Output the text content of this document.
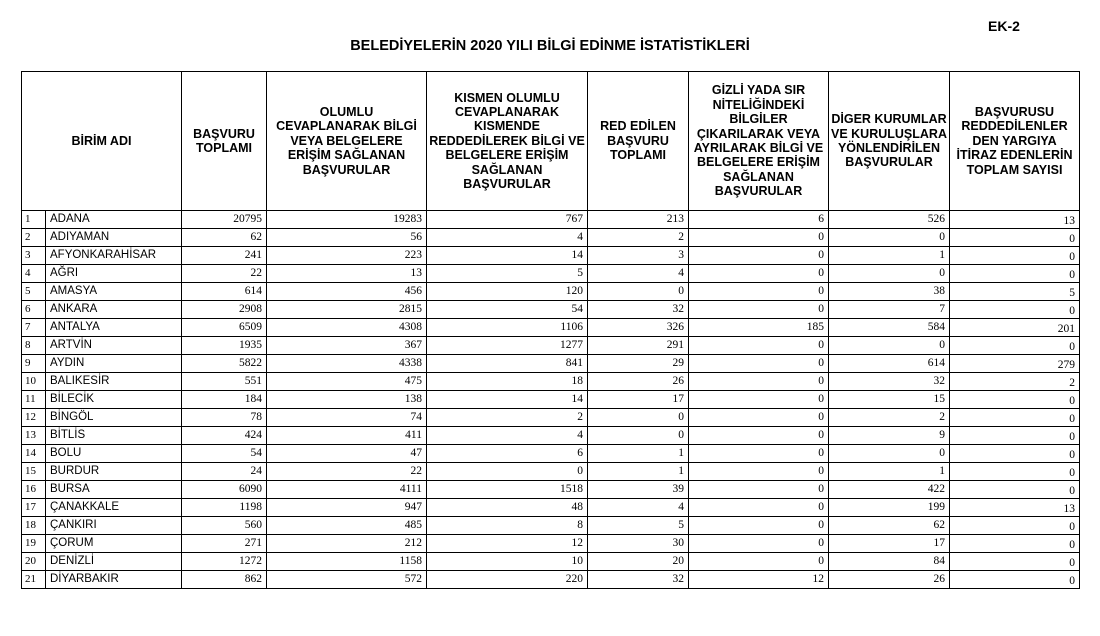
EK-2
BELEDİYELERİN 2020 YILI BİLGİ EDİNME İSTATİSTİKLERİ
BİRİM ADI		BAŞVURU TOPLAMI	OLUMLU CEVAPLANARAK BİLGİ VEYA BELGELERE ERİŞİM SAĞLANAN BAŞVURULAR	KISMEN OLUMLU CEVAPLANARAK KISMENDE REDDEDİLEREK BİLGİ VE BELGELERE ERİŞİM SAĞLANAN BAŞVURULAR	RED EDİLEN BAŞVURU TOPLAMI	GİZLİ YADA SIR NİTELİĞİNDEKİ BİLGİLER ÇIKARILARAK VEYA AYRILARAK BİLGİ VE BELGELERE ERİŞİM SAĞLANAN BAŞVURULAR	DİGER KURUMLAR VE KURULUŞLARA YÖNLENDİRİLEN BAŞVURULAR	BAŞVURUSU REDDEDİLENLER DEN YARGIYA İTİRAZ EDENLERİN TOPLAM SAYISI
1	ADANA	20795	19283	767	213	6	526	13
2	ADIYAMAN	62	56	4	2	0	0	0
3	AFYONKARAHİSAR	241	223	14	3	0	1	0
4	AĞRI	22	13	5	4	0	0	0
5	AMASYA	614	456	120	0	0	38	5
6	ANKARA	2908	2815	54	32	0	7	0
7	ANTALYA	6509	4308	1106	326	185	584	201
8	ARTVİN	1935	367	1277	291	0	0	0
9	AYDIN	5822	4338	841	29	0	614	279
10	BALIKESİR	551	475	18	26	0	32	2
11	BİLECİK	184	138	14	17	0	15	0
12	BİNGÖL	78	74	2	0	0	2	0
13	BİTLİS	424	411	4	0	0	9	0
14	BOLU	54	47	6	1	0	0	0
15	BURDUR	24	22	0	1	0	1	0
16	BURSA	6090	4111	1518	39	0	422	0
17	ÇANAKKALE	1198	947	48	4	0	199	13
18	ÇANKIRI	560	485	8	5	0	62	0
19	ÇORUM	271	212	12	30	0	17	0
20	DENİZLİ	1272	1158	10	20	0	84	0
21	DİYARBAKIR	862	572	220	32	12	26	0
